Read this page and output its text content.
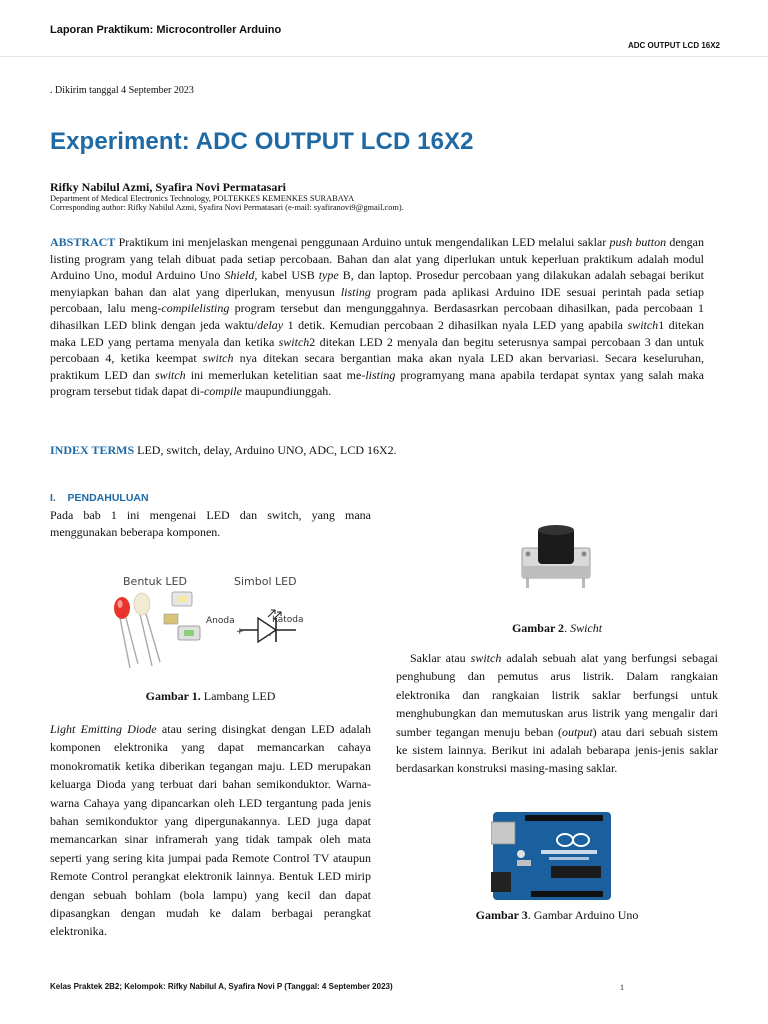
Laporan Praktikum: Microcontroller Arduino
ADC OUTPUT LCD 16X2
. Dikirim tanggal 4 September 2023
Experiment: ADC OUTPUT LCD 16X2
Rifky Nabilul Azmi, Syafira Novi Permatasari
Department of Medical Electronics Technology, POLTEKKES KEMENKES SURABAYA
Corresponding author: Rifky Nabilul Azmi, Syafira Novi Permatasari (e-mail: syafiranovi9@gmail.com).
ABSTRACT Praktikum ini menjelaskan mengenai penggunaan Arduino untuk mengendalikan LED melalui saklar push button dengan listing program yang telah dibuat pada setiap percobaan. Bahan dan alat yang diperlukan untuk keperluan praktikum adalah modul Arduino Uno, modul Arduino Uno Shield, kabel USB type B, dan laptop. Prosedur percobaan yang dilakukan adalah sebagai berikut menyiapkan bahan dan alat yang diperlukan, menyusun listing program pada aplikasi Arduino IDE sesuai perintah pada setiap percobaan, lalu meng-compilelisting program tersebut dan mengunggahnya. Berdasasrkan percobaan dihasilkan, pada percobaan 1 dihasilkan LED blink dengan jeda waktu/delay 1 detik. Kemudian percobaan 2 dihasilkan nyala LED yang apabila switch1 ditekan maka LED yang pertama menyala dan ketika switch2 ditekan LED 2 menyala dan begitu seterusnya sampai percobaan 3 dan untuk percobaan 4, ketika keempat switch nya ditekan secara bergantian maka akan nyala LED akan bervariasi. Secara keseluruhan, praktikum LED dan switch ini memerlukan ketelitian saat me-listing programyang mana apabila terdapat syntax yang salah maka program tersebut tidak dapat di-compile maupundiunggah.
INDEX TERMS LED, switch, delay, Arduino UNO, ADC, LCD 16X2.
I.    PENDAHULUAN
Pada bab 1 ini mengenai LED dan switch, yang mana menggunakan beberapa komponen.
Bentuk LED	Simbol LED
Anoda	Katoda
+ -
Gambar 1. Lambang LED
Light Emitting Diode atau sering disingkat dengan LED adalah komponen elektronika yang dapat memancarkan cahaya monokromatik ketika diberikan tegangan maju. LED merupakan keluarga Dioda yang terbuat dari bahan semikonduktor. Warna-warna Cahaya yang dipancarkan oleh LED tergantung pada jenis bahan semikonduktor yang dipergunakannya. LED juga dapat memancarkan sinar inframerah yang tidak tampak oleh mata seperti yang sering kita jumpai pada Remote Control TV ataupun Remote Control perangkat elektronik lainnya. Bentuk LED mirip dengan sebuah bohlam (bola lampu) yang kecil dan dapat dipasangkan dengan mudah ke dalam berbagai perangkat elektronika.
Gambar 2. Swicht
Saklar atau switch adalah sebuah alat yang berfungsi sebagai penghubung dan pemutus arus listrik. Dalam rangkaian elektronika dan rangkaian listrik saklar berfungsi untuk menghubungkan dan memutuskan arus listrik yang mengalir dari sumber tegangan menuju beban (output) atau dari sebuah sistem ke sistem lainnya. Berikut ini adalah bebarapa jenis-jenis saklar berdasarkan konstruksi masing-masing saklar.
Gambar 3. Gambar Arduino Uno
Kelas Praktek 2B2; Kelompok: Rifky Nabilul A, Syafira Novi P (Tanggal: 4 September 2023)	1
